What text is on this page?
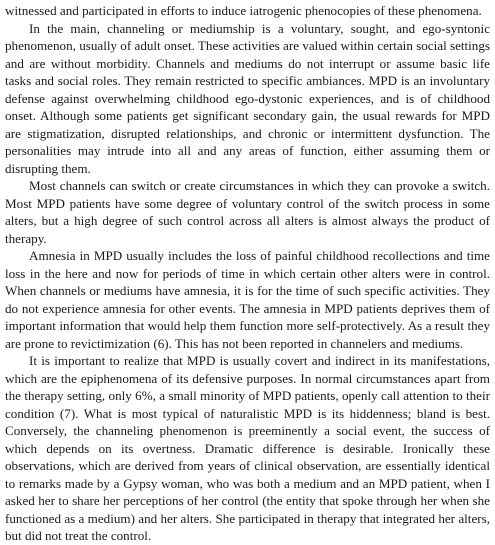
witnessed and participated in efforts to induce iatrogenic phenocopies of these phenomena.

In the main, channeling or mediumship is a voluntary, sought, and ego-syntonic phenomenon, usually of adult onset. These activities are valued within certain social settings and are without morbidity. Channels and mediums do not interrupt or assume basic life tasks and social roles. They remain restricted to specific ambiances. MPD is an involuntary defense against overwhelming childhood ego-dystonic experiences, and is of childhood onset. Although some patients get significant secondary gain, the usual rewards for MPD are stigmatization, disrupted relationships, and chronic or intermittent dysfunction. The personalities may intrude into all and any areas of function, either assuming them or disrupting them.

Most channels can switch or create circumstances in which they can provoke a switch. Most MPD patients have some degree of voluntary control of the switch process in some alters, but a high degree of such control across all alters is almost always the product of therapy.

Amnesia in MPD usually includes the loss of painful childhood recollections and time loss in the here and now for periods of time in which certain other alters were in control. When channels or mediums have amnesia, it is for the time of such specific activities. They do not experience amnesia for other events. The amnesia in MPD patients deprives them of important information that would help them function more self-protectively. As a result they are prone to revictimization (6). This has not been reported in channelers and mediums.

It is important to realize that MPD is usually covert and indirect in its manifestations, which are the epiphenomena of its defensive purposes. In normal circumstances apart from the therapy setting, only 6%, a small minority of MPD patients, openly call attention to their condition (7). What is most typical of naturalistic MPD is its hiddenness; bland is best. Conversely, the channeling phenomenon is preeminently a social event, the success of which depends on its overtness. Dramatic difference is desirable. Ironically these observations, which are derived from years of clinical observation, are essentially identical to remarks made by a Gypsy woman, who was both a medium and an MPD patient, when I asked her to share her perceptions of her control (the entity that spoke through her when she functioned as a medium) and her alters. She participated in therapy that integrated her alters, but did not treat the control.
